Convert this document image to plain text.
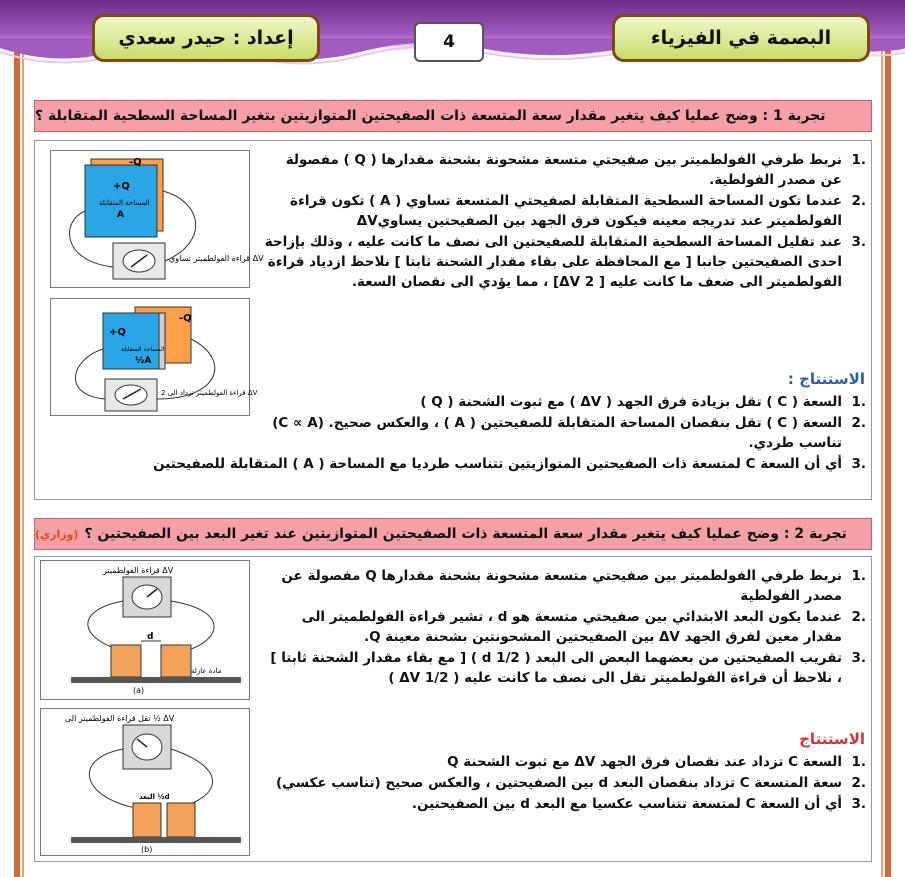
البصمة في الفيزياء
4
إعداد : حيدر سعدي
تجربة 1 : وضح عمليا كيف يتغير مقدار سعة المتسعة ذات الصفيحتين المتوازيتين بتغير المساحة السطحية المتقابلة ؟
-Q
+Q
المساحة المتقابلة
A
قراءة الفولطميتر تساوي ΔV
-Q
+Q
المساحة المتقابلة
½A
قراءة الفولطميتر تزداد الى 2 ΔV
.1
نربط طرفي الفولطميتر بين صفيحتي متسعة مشحونة بشحنة مقدارها ( Q ) مفصولة عن مصدر الفولطية.
.2
عندما تكون المساحة السطحية المتقابلة لصفيحتي المتسعة تساوي ( A ) تكون قراءة الفولطميتر عند تدريجه معينه فيكون فرق الجهد بين الصفيحتين يساويΔV
.3
عند تقليل المساحة السطحية المتقابلة للصفيحتين الى نصف ما كانت عليه ، وذلك بإزاحة احدى الصفيحتين جانبا [ مع المحافظة على بقاء مقدار الشحنة ثابتا ] نلاحظ ازدياد قراءة الفولطميتر الى ضعف ما كانت عليه [ ΔV 2] ، مما يؤدي الى نقصان السعة.
الاستنتاج :
.1
السعة ( C ) تقل بزيادة فرق الجهد ( ΔV ) مع ثبوت الشحنة ( Q )
.2
السعة ( C ) تقل بنقصان المساحة المتقابلة للصفيحتين ( A ) ، والعكس صحيح. (C ∝ A) تناسب طردي.
.3
أي أن السعة C لمتسعة ذات الصفيحتين المتوازيتين تتناسب طرديا مع المساحة ( A ) المتقابلة للصفيحتين
تجربة 2 : وضح عمليا كيف يتغير مقدار سعة المتسعة ذات الصفيحتين المتوازيتين عند تغير البعد بين الصفيحتين ؟
(وزاري)
قراءة الفولطميتر ΔV
d
مادة عازلة
(a)
تقل قراءة الفولطميتر الى ½ ΔV
البعد ½d
(b)
.1
نربط طرفي الفولطميتر بين صفيحتي متسعة مشحونة بشحنة مقدارها Q مفصولة عن مصدر الفولطية
.2
عندما يكون البعد الابتدائي بين صفيحتي متسعة هو d ، تشير قراءة الفولطميتر الى مقدار معين لفرق الجهد ΔV بين الصفيحتين المشحونتين بشحنة معينة Q.
.3
تقريب الصفيحتين من بعضهما البعض الى البعد ( d 1/2 ) [ مع بقاء مقدار الشحنة ثابتا ] ، نلاحظ أن قراءة الفولطميتر تقل الى نصف ما كانت عليه ( ΔV 1/2 )
الاستنتاج
.1
السعة C تزداد عند نقصان فرق الجهد ΔV مع ثبوت الشحنة Q
.2
سعة المتسعة C تزداد بنقصان البعد d بين الصفيحتين ، والعكس صحيح (تناسب عكسي)
.3
أي أن السعة C لمتسعة تتناسب عكسيا مع البعد d بين الصفيحتين.
